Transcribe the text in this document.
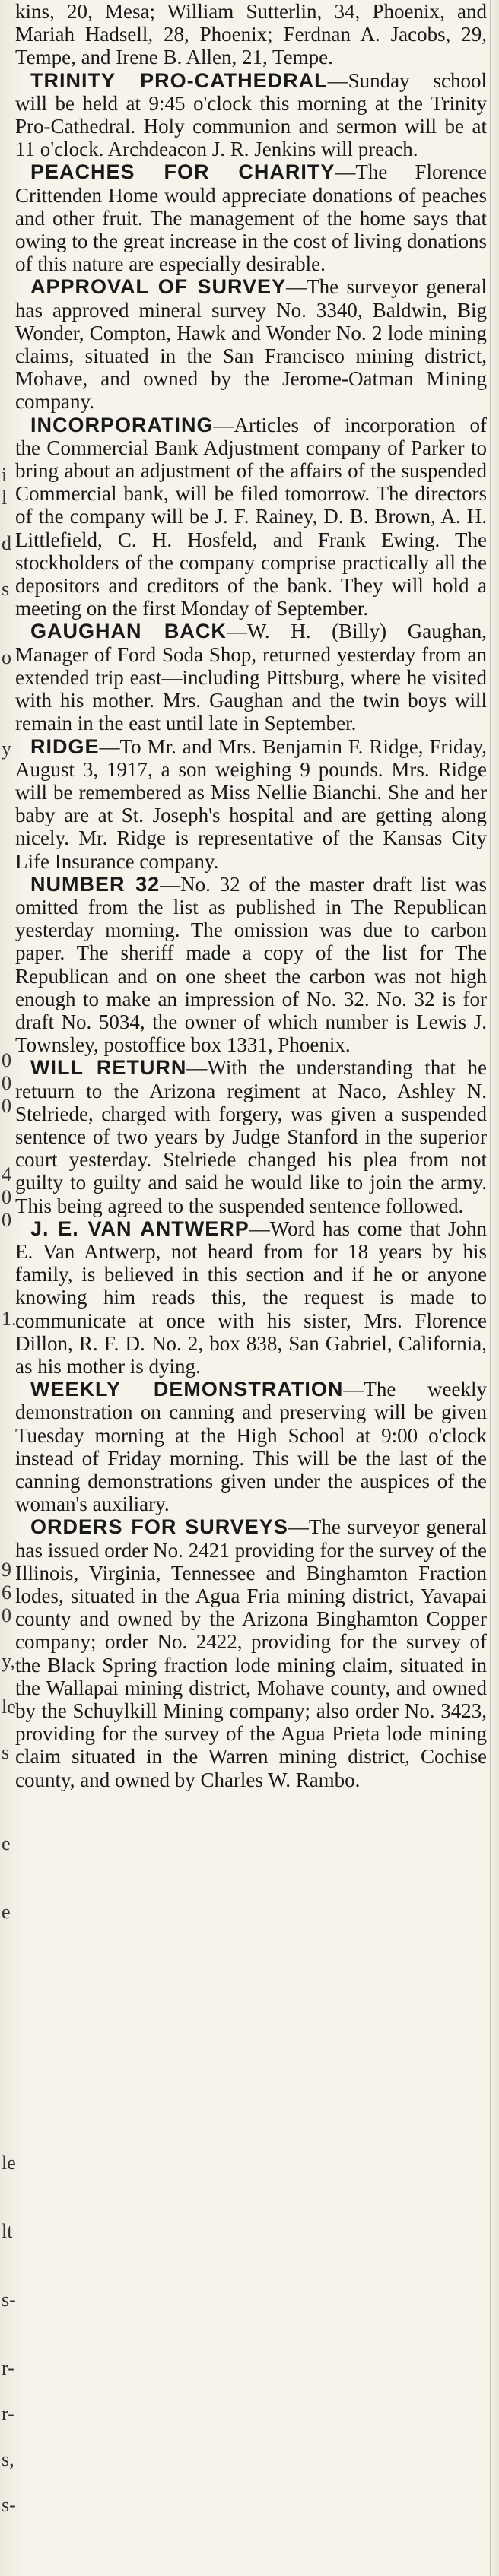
i
l
d
s
o
y
0
0
0
4
0
0
1.
9
6
0
y,
le
s
e
e
le
lt
s-
r-
r-
s,
s-

kins, 20, Mesa; William Sutterlin, 34, Phoenix, and Mariah Hadsell, 28, Phoenix; Ferdnan A. Jacobs, 29, Tempe, and Irene B. Allen, 21, Tempe.

TRINITY PRO-CATHEDRAL—Sunday school will be held at 9:45 o'clock this morning at the Trinity Pro-Cathedral. Holy communion and sermon will be at 11 o'clock. Archdeacon J. R. Jenkins will preach.

PEACHES FOR CHARITY—The Florence Crittenden Home would appreciate donations of peaches and other fruit. The management of the home says that owing to the great increase in the cost of living donations of this nature are especially desirable.

APPROVAL OF SURVEY—The surveyor general has approved mineral survey No. 3340, Baldwin, Big Wonder, Compton, Hawk and Wonder No. 2 lode mining claims, situated in the San Francisco mining district, Mohave, and owned by the Jerome-Oatman Mining company.

INCORPORATING—Articles of incorporation of the Commercial Bank Adjustment company of Parker to bring about an adjustment of the affairs of the suspended Commercial bank, will be filed tomorrow. The directors of the company will be J. F. Rainey, D. B. Brown, A. H. Littlefield, C. H. Hosfeld, and Frank Ewing. The stockholders of the company comprise practically all the depositors and creditors of the bank. They will hold a meeting on the first Monday of September.

GAUGHAN BACK—W. H. (Billy) Gaughan, Manager of Ford Soda Shop, returned yesterday from an extended trip east—including Pittsburg, where he visited with his mother. Mrs. Gaughan and the twin boys will remain in the east until late in September.

RIDGE—To Mr. and Mrs. Benjamin F. Ridge, Friday, August 3, 1917, a son weighing 9 pounds. Mrs. Ridge will be remembered as Miss Nellie Bianchi. She and her baby are at St. Joseph's hospital and are getting along nicely. Mr. Ridge is representative of the Kansas City Life Insurance company.

NUMBER 32—No. 32 of the master draft list was omitted from the list as published in The Republican yesterday morning. The omission was due to carbon paper. The sheriff made a copy of the list for The Republican and on one sheet the carbon was not high enough to make an impression of No. 32. No. 32 is for draft No. 5034, the owner of which number is Lewis J. Townsley, postoffice box 1331, Phoenix.

WILL RETURN—With the understanding that he retuurn to the Arizona regiment at Naco, Ashley N. Stelriede, charged with forgery, was given a suspended sentence of two years by Judge Stanford in the superior court yesterday. Stelriede changed his plea from not guilty to guilty and said he would like to join the army. This being agreed to the suspended sentence followed.

J. E. VAN ANTWERP—Word has come that John E. Van Antwerp, not heard from for 18 years by his family, is believed in this section and if he or anyone knowing him reads this, the request is made to communicate at once with his sister, Mrs. Florence Dillon, R. F. D. No. 2, box 838, San Gabriel, California, as his mother is dying.

WEEKLY DEMONSTRATION—The weekly demonstration on canning and preserving will be given Tuesday morning at the High School at 9:00 o'clock instead of Friday morning. This will be the last of the canning demonstrations given under the auspices of the woman's auxiliary.

ORDERS FOR SURVEYS—The surveyor general has issued order No. 2421 providing for the survey of the Illinois, Virginia, Tennessee and Binghamton Fraction lodes, situated in the Agua Fria mining district, Yavapai county and owned by the Arizona Binghamton Copper company; order No. 2422, providing for the survey of the Black Spring fraction lode mining claim, situated in the Wallapai mining district, Mohave county, and owned by the Schuylkill Mining company; also order No. 3423, providing for the survey of the Agua Prieta lode mining claim situated in the Warren mining district, Cochise county, and owned by Charles W. Rambo.
